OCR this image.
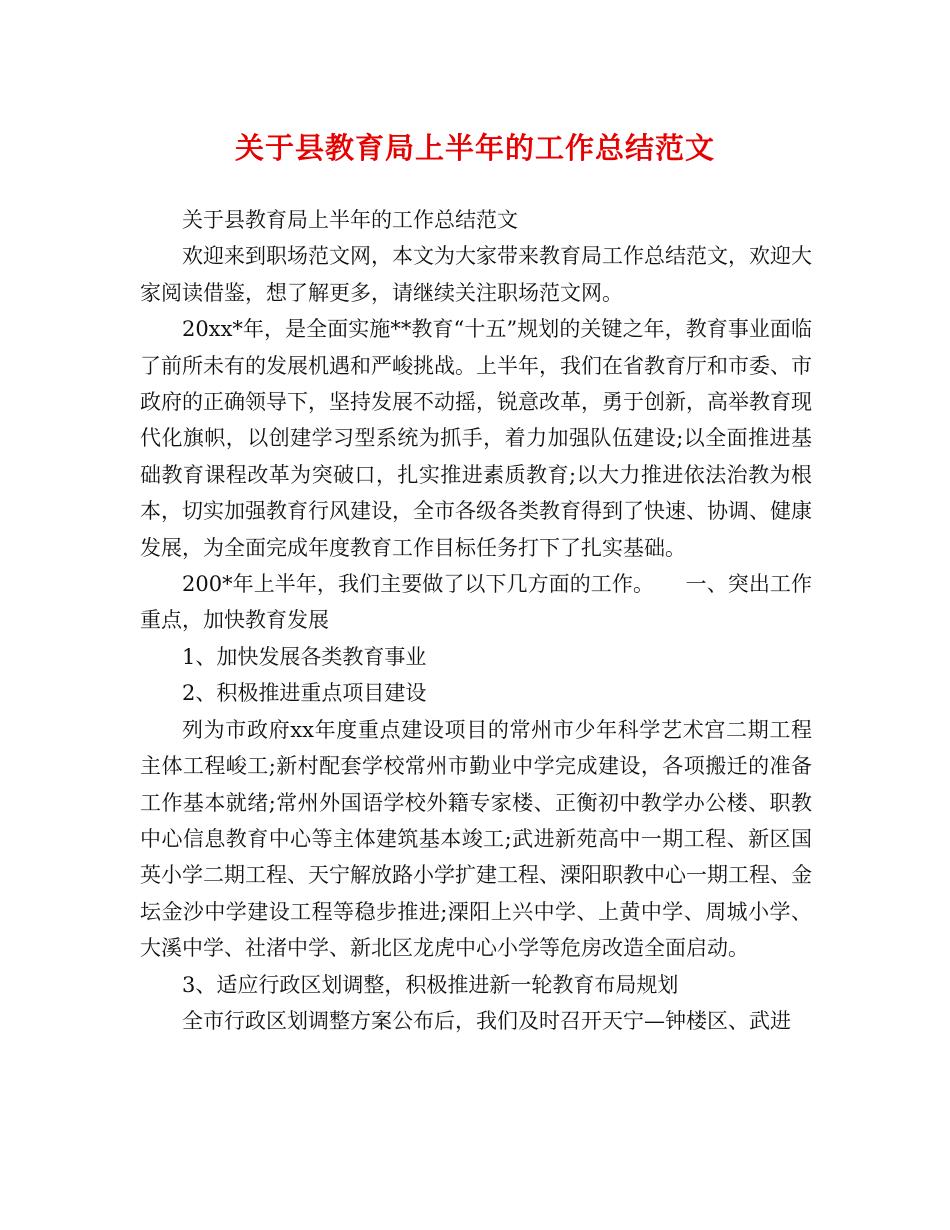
关于县教育局上半年的工作总结范文

关于县教育局上半年的工作总结范文

欢迎来到职场范文网，本文为大家带来教育局工作总结范文，欢迎大家阅读借鉴，想了解更多，请继续关注职场范文网。

20xx*年，是全面实施**教育“十五”规划的关键之年，教育事业面临了前所未有的发展机遇和严峻挑战。上半年，我们在省教育厅和市委、市政府的正确领导下，坚持发展不动摇，锐意改革，勇于创新，高举教育现代化旗帜，以创建学习型系统为抓手，着力加强队伍建设;以全面推进基础教育课程改革为突破口，扎实推进素质教育;以大力推进依法治教为根本，切实加强教育行风建设，全市各级各类教育得到了快速、协调、健康发展，为全面完成年度教育工作目标任务打下了扎实基础。

200*年上半年，我们主要做了以下几方面的工作。　　一、突出工作重点，加快教育发展

1、加快发展各类教育事业

2、积极推进重点项目建设

列为市政府xx年度重点建设项目的常州市少年科学艺术宫二期工程主体工程峻工;新村配套学校常州市勤业中学完成建设，各项搬迁的准备工作基本就绪;常州外国语学校外籍专家楼、正衡初中教学办公楼、职教中心信息教育中心等主体建筑基本竣工;武进新苑高中一期工程、新区国英小学二期工程、天宁解放路小学扩建工程、溧阳职教中心一期工程、金坛金沙中学建设工程等稳步推进;溧阳上兴中学、上黄中学、周城小学、大溪中学、社渚中学、新北区龙虎中心小学等危房改造全面启动。

3、适应行政区划调整，积极推进新一轮教育布局规划

全市行政区划调整方案公布后，我们及时召开天宁—钟楼区、武进
